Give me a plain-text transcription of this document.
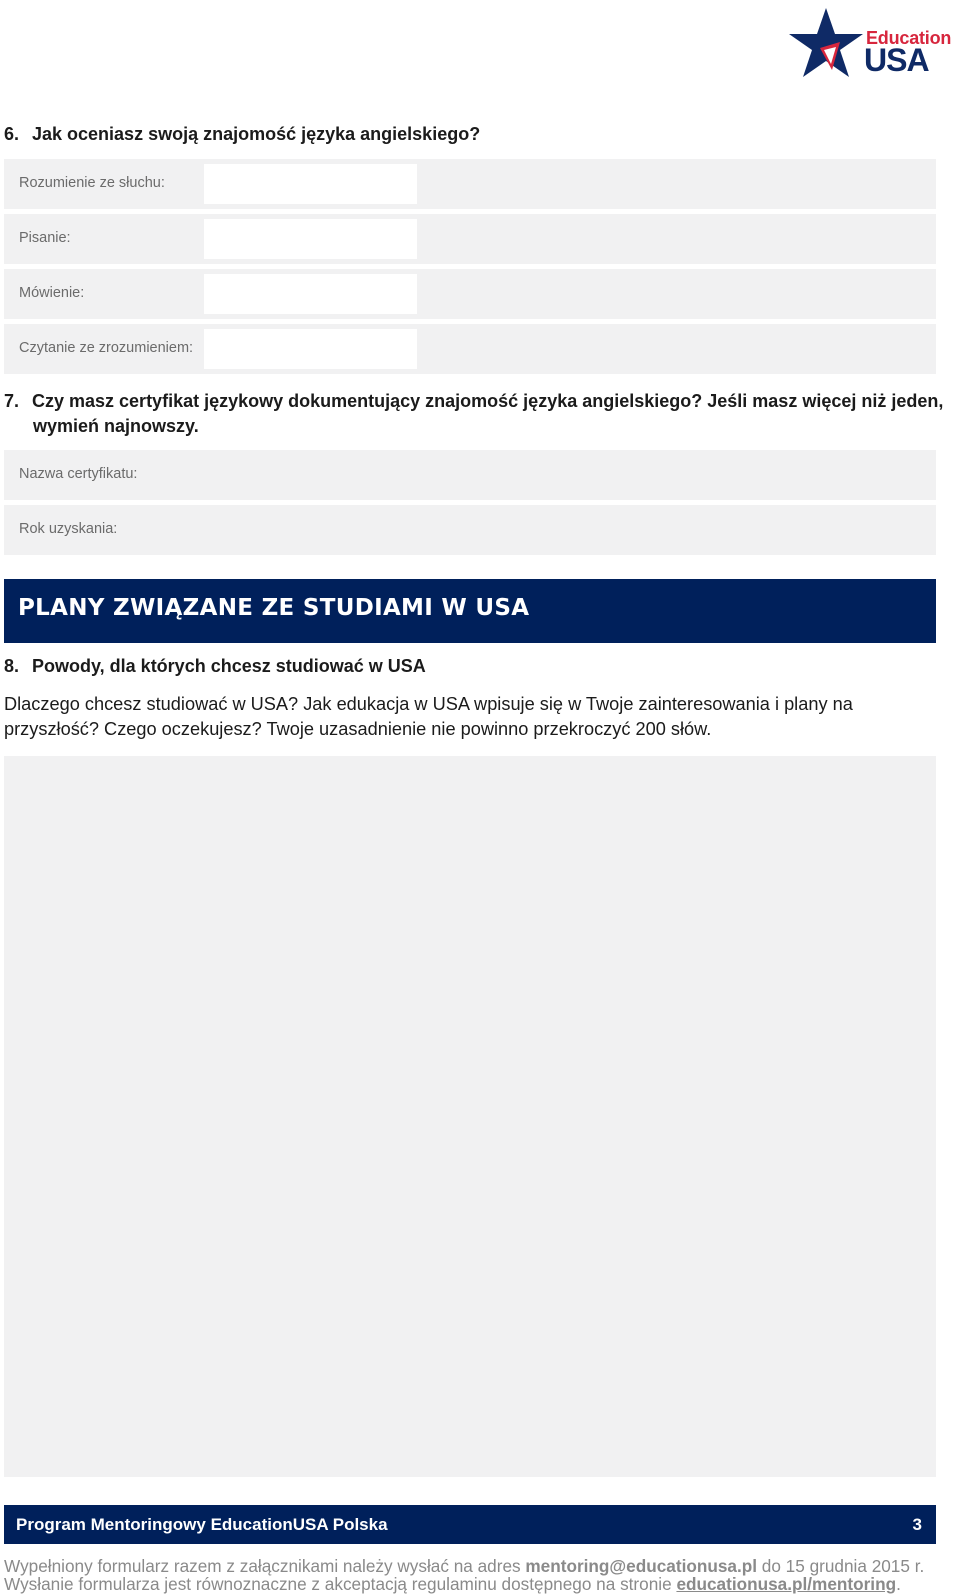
Education
USA
6. Jak oceniasz swoją znajomość języka angielskiego?
Rozumienie ze słuchu:
Pisanie:
Mówienie:
Czytanie ze zrozumieniem:
7. Czy masz certyfikat językowy dokumentujący znajomość języka angielskiego? Jeśli masz więcej niż jeden,
wymień najnowszy.
Nazwa certyfikatu:
Rok uzyskania:
PLANY ZWIĄZANE ZE STUDIAMI W USA
8. Powody, dla których chcesz studiować w USA
Dlaczego chcesz studiować w USA? Jak edukacja w USA wpisuje się w Twoje zainteresowania i plany na
przyszłość? Czego oczekujesz? Twoje uzasadnienie nie powinno przekroczyć 200 słów.
Program Mentoringowy EducationUSA Polska	3
Wypełniony formularz razem z załącznikami należy wysłać na adres mentoring@educationusa.pl do 15 grudnia 2015 r.
Wysłanie formularza jest równoznaczne z akceptacją regulaminu dostępnego na stronie educationusa.pl/mentoring.
